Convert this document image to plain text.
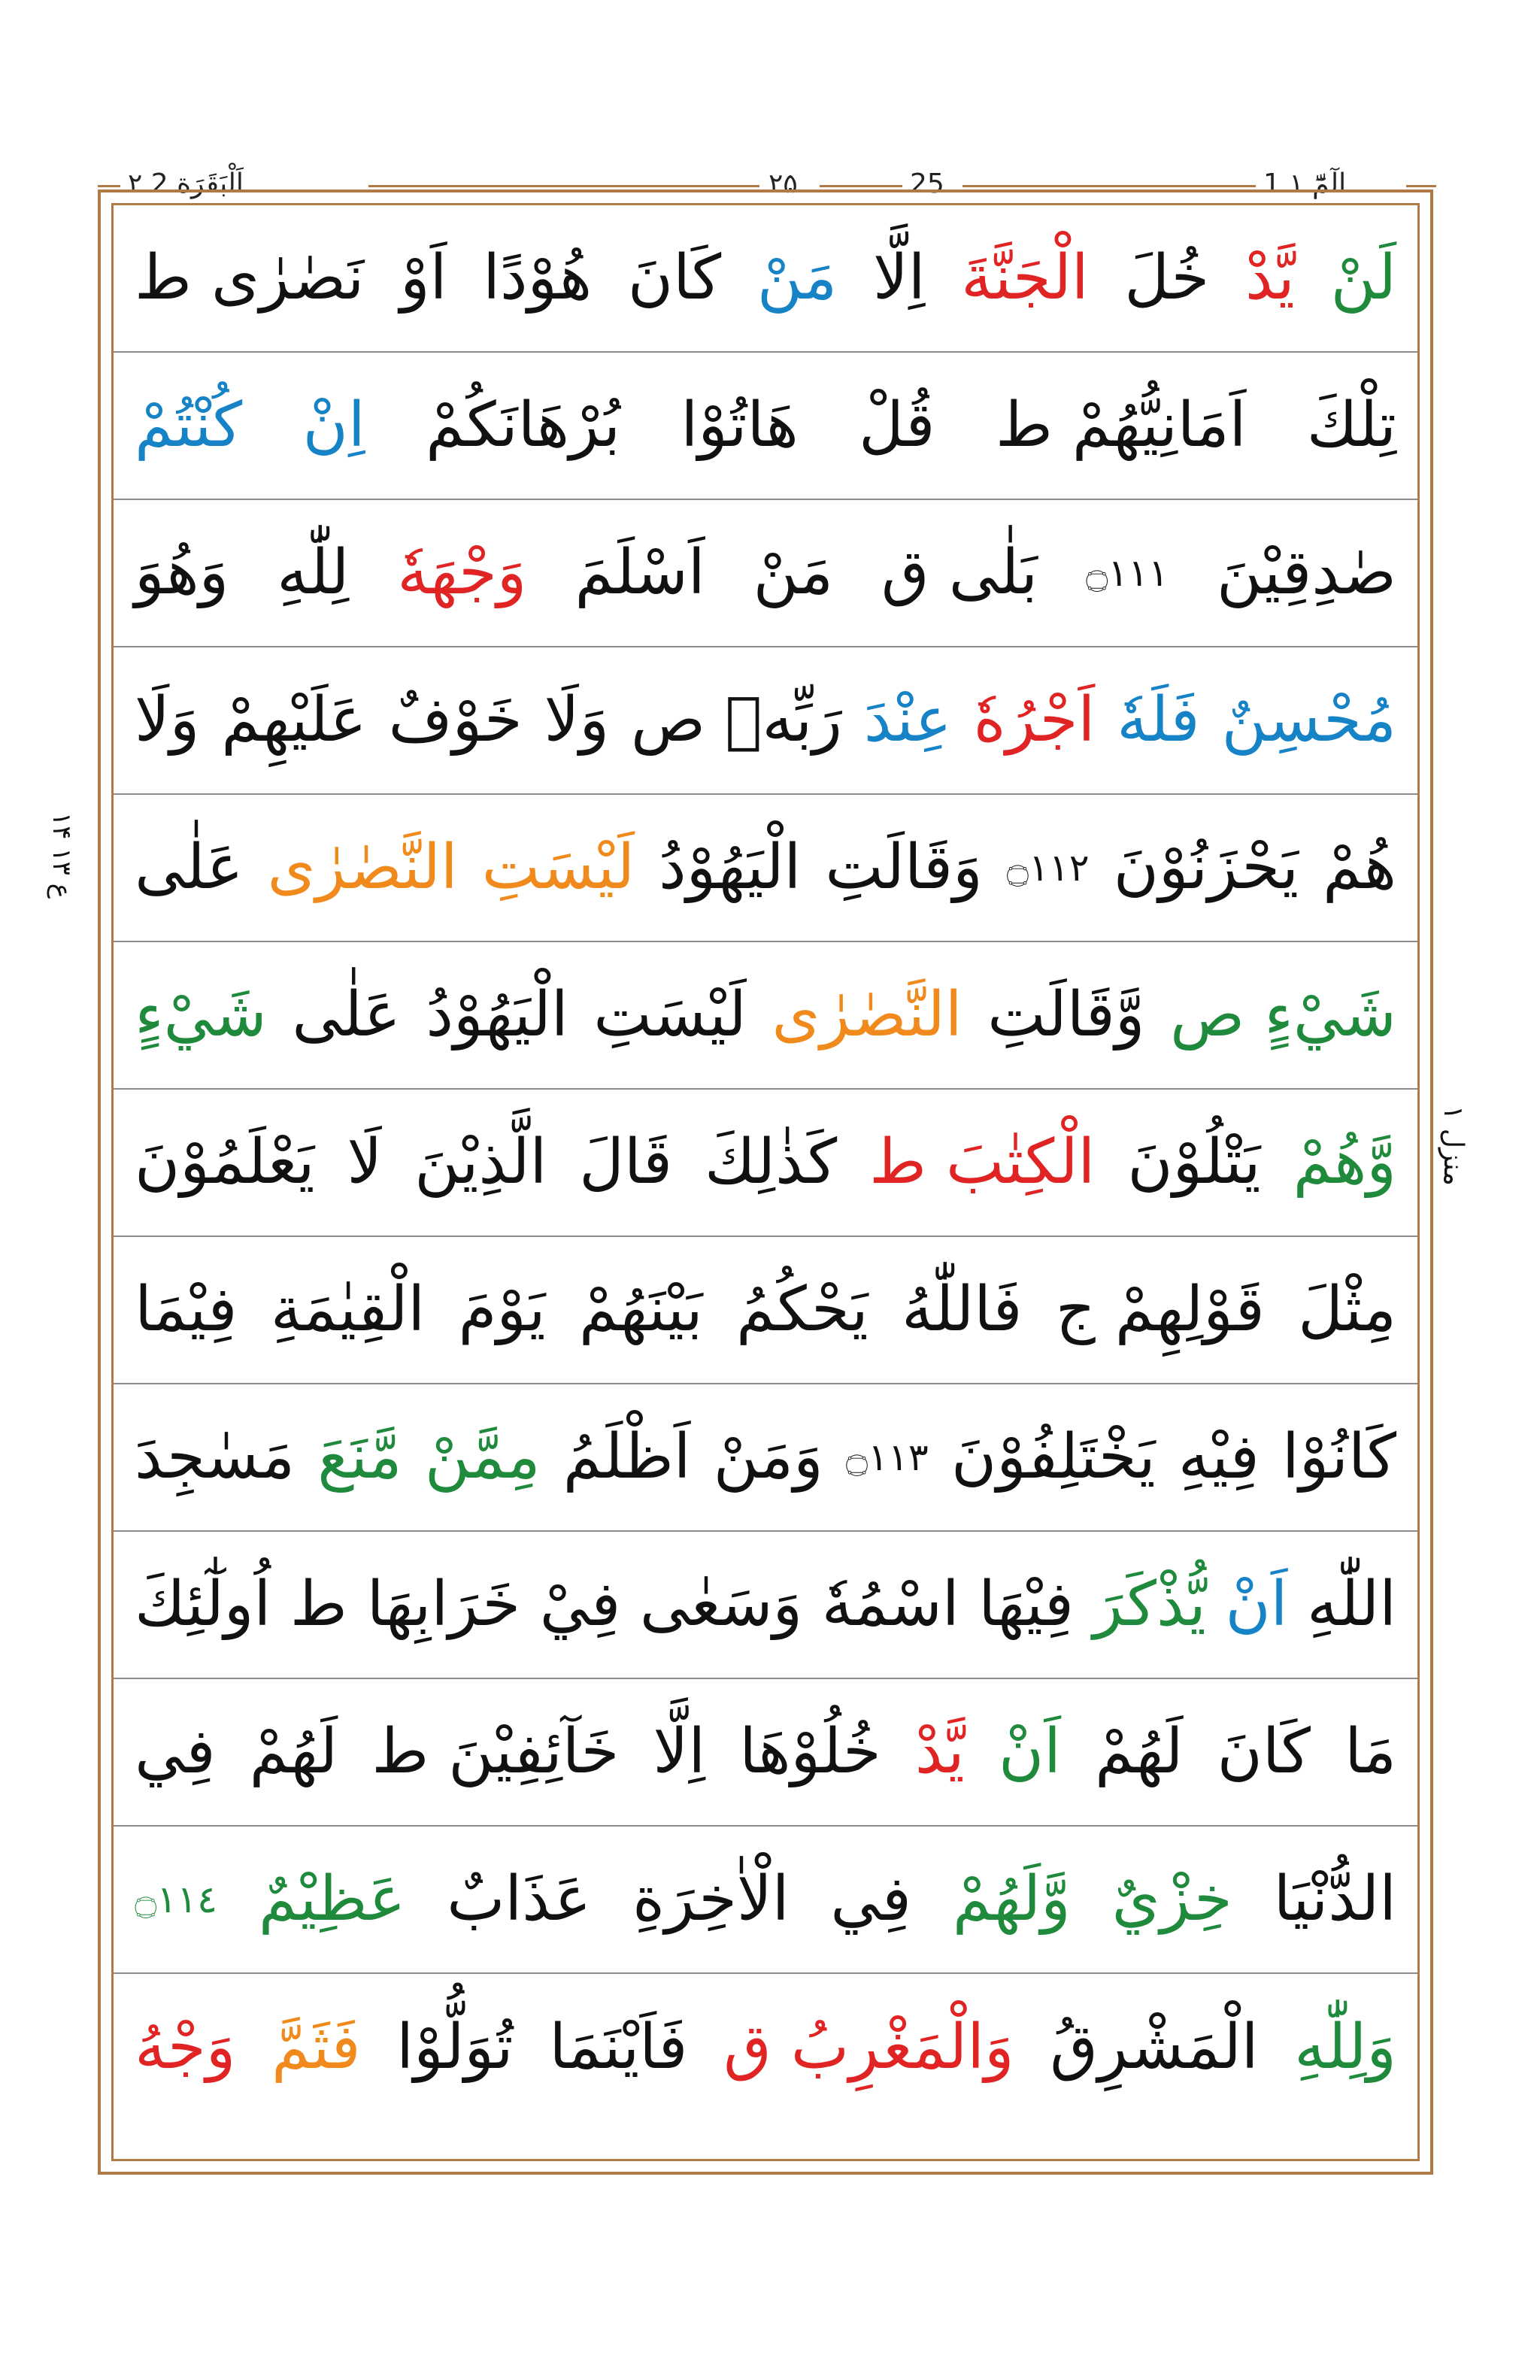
۲ اَلْبَقَرَة 2	۲۵	25	الٓمّٓ ۱ 1
ع ۱۳ ۱۴
منزل ۱
لَنْ
يَّدْ
خُلَ
الْجَنَّةَ
اِلَّا
مَنْ
كَانَ
هُوْدًا
اَوْ
نَصٰرٰى ط
تِلْكَ
اَمَانِيُّهُمْ ط
قُلْ
هَاتُوْا
بُرْهَانَكُمْ
اِنْ
كُنْتُمْ
صٰدِقِيْنَ
۝١١١
بَلٰى ق
مَنْ
اَسْلَمَ
وَجْهَهٗ
لِلّٰهِ
وَهُوَ
مُحْسِنٌ
فَلَهٗ
اَجْرُهٗ
عِنْدَ
رَبِّهٖ ص
وَلَا
خَوْفٌ
عَلَيْهِمْ
وَلَا
هُمْ
يَحْزَنُوْنَ
۝١١٢
وَقَالَتِ
الْيَهُوْدُ
لَيْسَتِ
النَّصٰرٰى
عَلٰى
شَيْءٍ ص
وَّقَالَتِ
النَّصٰرٰى
لَيْسَتِ
الْيَهُوْدُ
عَلٰى
شَيْءٍ
وَّهُمْ
يَتْلُوْنَ
الْكِتٰبَ ط
كَذٰلِكَ
قَالَ
الَّذِيْنَ
لَا
يَعْلَمُوْنَ
مِثْلَ
قَوْلِهِمْ ج
فَاللّٰهُ
يَحْكُمُ
بَيْنَهُمْ
يَوْمَ
الْقِيٰمَةِ
فِيْمَا
كَانُوْا
فِيْهِ
يَخْتَلِفُوْنَ
۝١١٣
وَمَنْ
اَظْلَمُ
مِمَّنْ
مَّنَعَ
مَسٰجِدَ
اللّٰهِ
اَنْ
يُّذْكَرَ
فِيْهَا
اسْمُهٗ
وَسَعٰى
فِيْ
خَرَابِهَا ط
اُولٰٓئِكَ
مَا
كَانَ
لَهُمْ
اَنْ
يَّدْ
خُلُوْهَا
اِلَّا
خَآئِفِيْنَ ط
لَهُمْ
فِي
الدُّنْيَا
خِزْيٌ
وَّلَهُمْ
فِي
الْاٰخِرَةِ
عَذَابٌ
عَظِيْمٌ
۝١١٤
وَلِلّٰهِ
الْمَشْرِقُ
وَالْمَغْرِبُ ق
فَاَيْنَمَا
تُوَلُّوْا
فَثَمَّ
وَجْهُ
